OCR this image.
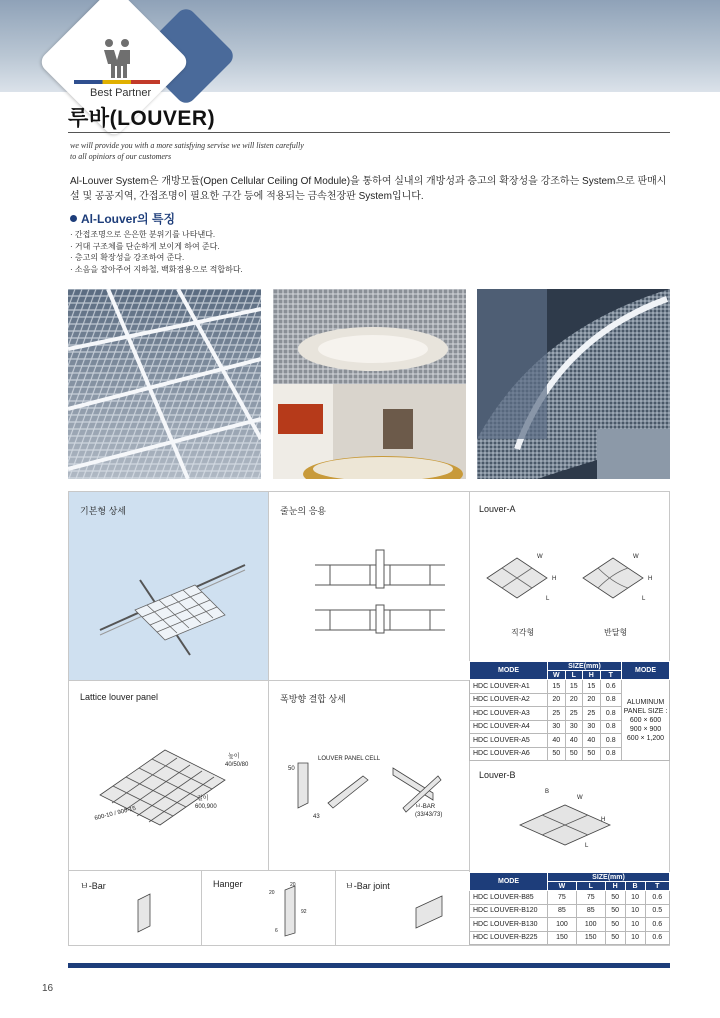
Best Partner
루바(LOUVER)
we will provide you with a more satisfying servise we will listen carefully
to all opiniors of our customers

Al-Louver System은 개방모듈(Open Cellular Ceiling Of Module)을 통하여 실내의 개방성과 층고의 확장성을 강조하는 System으로 판매시설 및 공공지역, 간접조명이 필요한 구간 등에 적용되는 금속천장판 System입니다.

Al-Louver의 특징
· 간접조명으로 은은한 분위기를 나타낸다.
· 거대 구조체를 단순하게 보이게 하여 준다.
· 층고의 확장성을 강조하여 준다.
· 소음을 잡아주어 지하철, 백화점용으로 적합하다.
기본형 상세	줄눈의 응용	Louver-A
W
H
L
W
H
L
직각형	반달형
MODE	SIZE(mm)				MODE
	W	L	H	T	
HDC LOUVER-A1	15	15	15	0.6	ALUMINUM
PANEL SIZE :
600 × 600
900 × 900
600 × 1,200

HDC LOUVER-A2	20	20	20	0.8	
HDC LOUVER-A3	25	25	25	0.8	
HDC LOUVER-A4	30	30	30	0.8	
HDC LOUVER-A5	40	40	40	0.8	
HDC LOUVER-A6	50	50	50	0.8	
Lattice louver panel
높이
40/50/80
길이
600,900
600-10 / 900-15
폭방향 결합 상세
LOUVER PANEL CELL
50
43
ㅂ-BAR
(33/43/73)
Louver-B
B
W
H
L
ㅂ-Bar	Hanger	20
20
92
6
ㅂ-Bar joint	MODE	SIZE(mm)				
	W	L	H	B	T
HDC LOUVER-B85	75	75	50	10	0.6
HDC LOUVER-B120	85	85	50	10	0.5
HDC LOUVER-B130	100	100	50	10	0.6
HDC LOUVER-B225	150	150	50	10	0.6
16
